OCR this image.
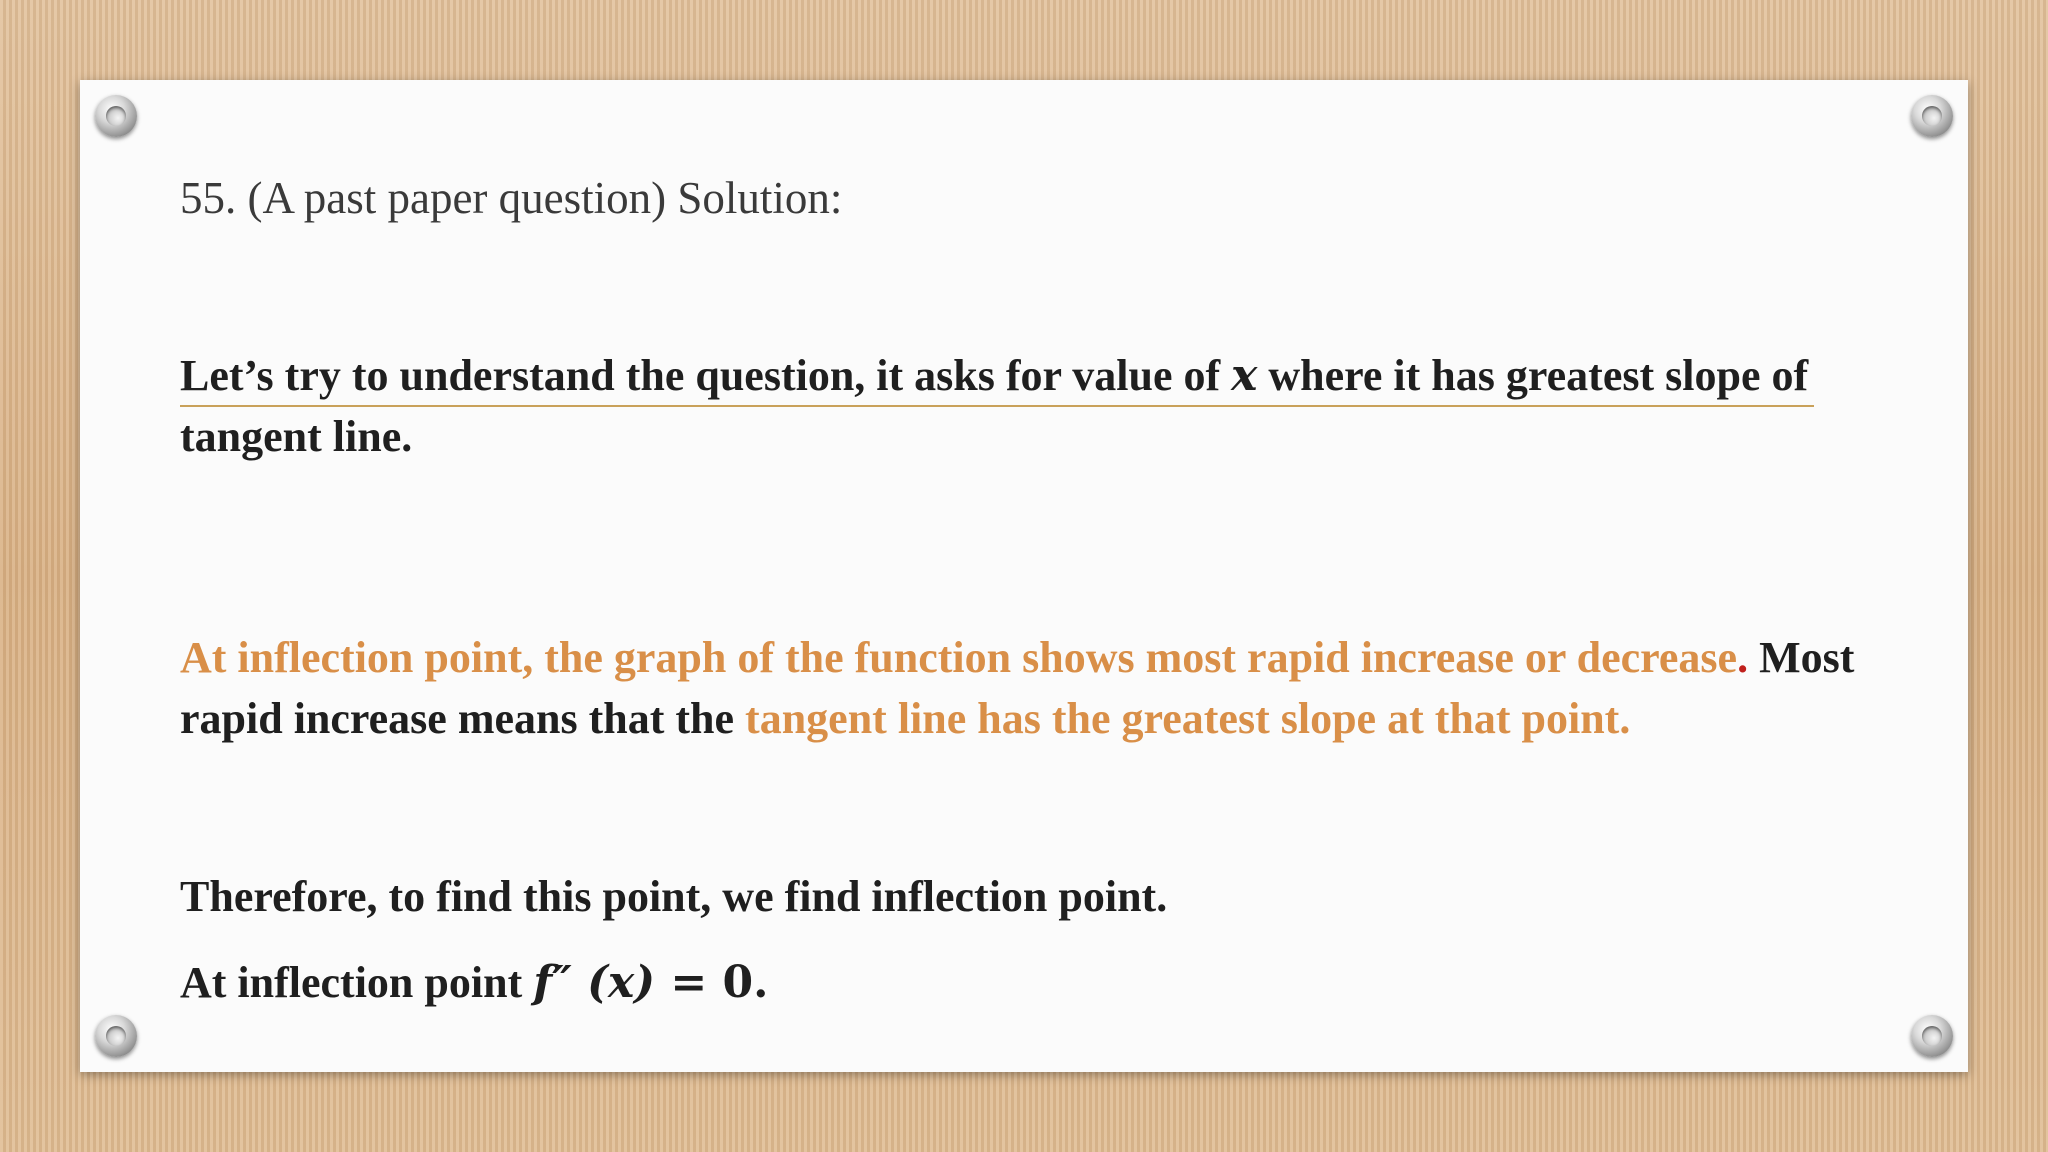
55. (A past paper question) Solution:
Let’s try to understand the question, it asks for value of x where it has greatest slope of tangent line.
At inflection point, the graph of the function shows most rapid increase or decrease. Most rapid increase means that the tangent line has the greatest slope at that point.
Therefore, to find this point, we find inflection point.
At inflection point f″ (x) = 0.
